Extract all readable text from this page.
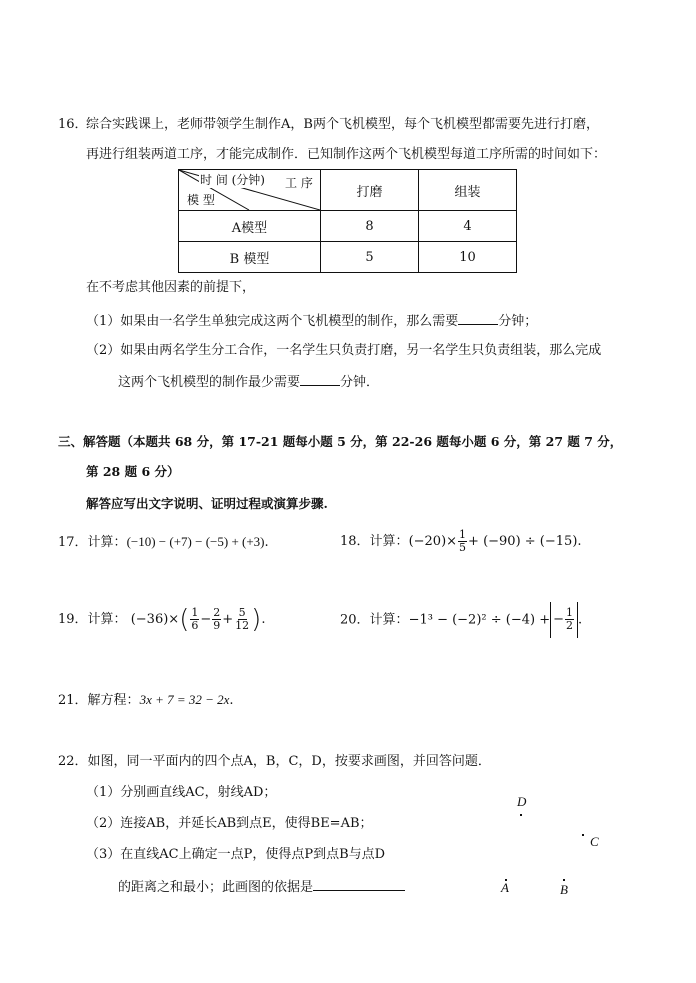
16．
综合实践课上，老师带领学生制作A，B两个飞机模型，每个飞机模型都需要先进行打磨，
再进行组装两道工序，才能完成制作．已知制作这两个飞机模型每道工序所需的时间如下：
时 间 (分钟) 工 序
模 型	打磨	组装
A模型	8	4
B 模型	5	10
在不考虑其他因素的前提下，
（1）如果由一名学生单独完成这两个飞机模型的制作，那么需要	分钟；
（2）如果由两名学生分工合作，一名学生只负责打磨，另一名学生只负责组装，那么完成
这两个飞机模型的制作最少需要	分钟．
三、解答题（本题共 68 分，第 17-21 题每小题 5 分，第 22-26 题每小题 6 分，第 27 题 7 分，
第 28 题 6 分）
解答应写出文字说明、证明过程或演算步骤.
17．计算：(−10) − (+7) − (−5) + (+3).	18．计算：$(-20)\times \frac{1}{5} + (-90) \div (-15)$.
19．计算： $(-36)\times( \frac{1}{6} - \frac{2}{9} + \frac{5}{12}$ ).	20．计算：−1³ − (−2)² ÷ (−4) + − $\frac{1}{2}$ .
21．解方程：3x + 7 = 32 − 2x.
22．如图，同一平面内的四个点A，B，C，D，按要求画图，并回答问题．
（1）分别画直线AC，射线AD；
（2）连接AB，并延长AB到点E，使得BE=AB；
（3）在直线AC上确定一点P，使得点P到点B与点D
的距离之和最小；此画图的依据是
D
C
A	B
